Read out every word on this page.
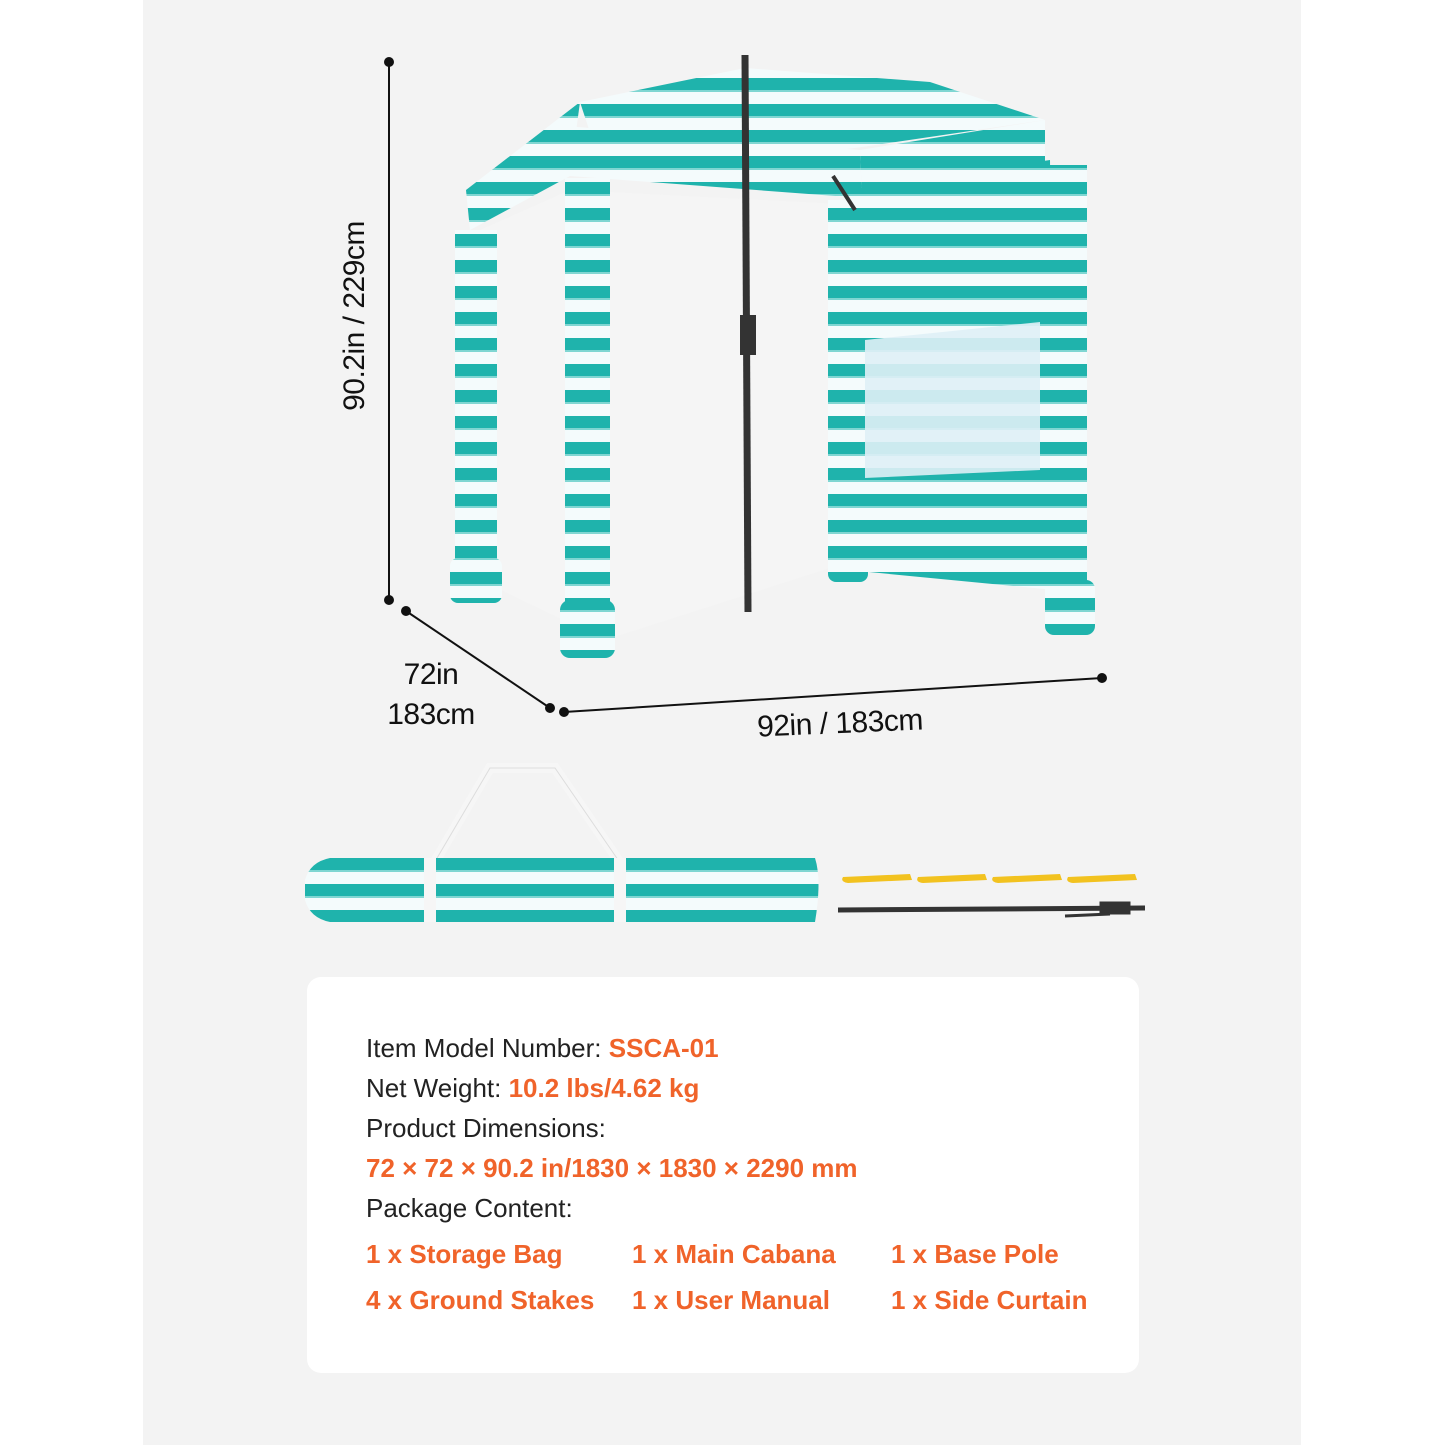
90.2in / 229cm
72in
183cm	92in / 183cm
Item Model Number: SSCA-01
Net Weight: 10.2 lbs/4.62 kg
Product Dimensions:
72 × 72 × 90.2 in/1830 × 1830 × 2290 mm
Package Content:
1 x Storage Bag	1 x Main Cabana	1 x Base Pole
4 x Ground Stakes	1 x User Manual	1 x Side Curtain
